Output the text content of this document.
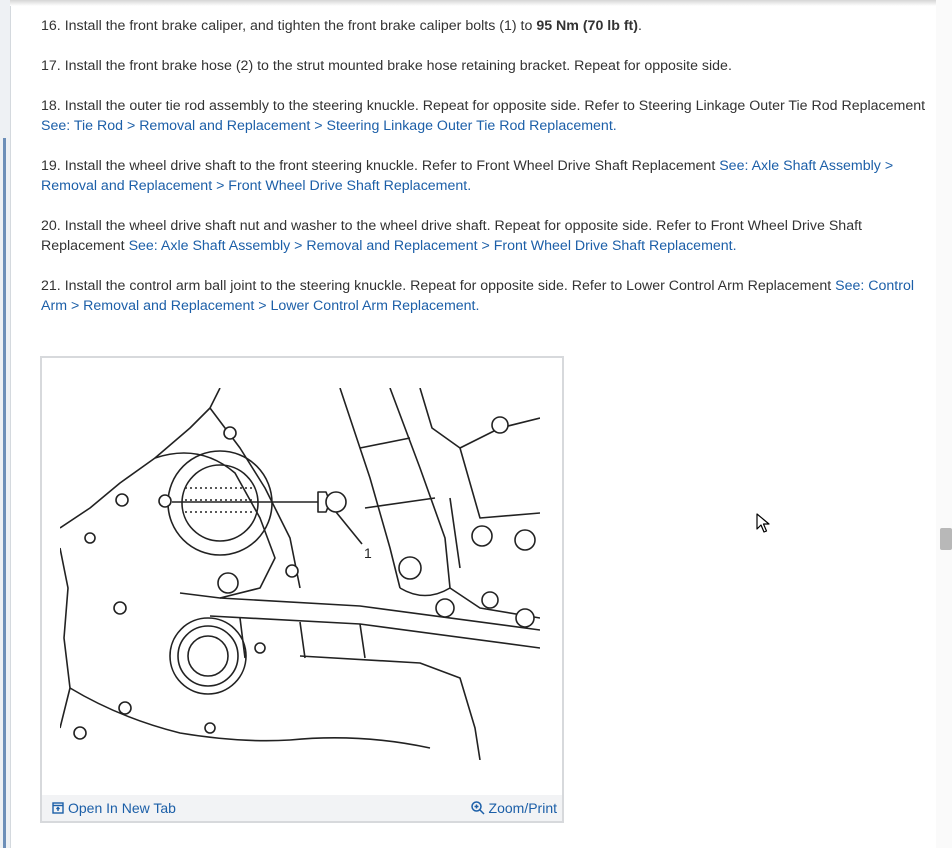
16. Install the front brake caliper, and tighten the front brake caliper bolts (1) to 95 Nm (70 lb ft).
17. Install the front brake hose (2) to the strut mounted brake hose retaining bracket. Repeat for opposite side.
18. Install the outer tie rod assembly to the steering knuckle. Repeat for opposite side. Refer to Steering Linkage Outer Tie Rod Replacement See: Tie Rod > Removal and Replacement > Steering Linkage Outer Tie Rod Replacement.
19. Install the wheel drive shaft to the front steering knuckle. Refer to Front Wheel Drive Shaft Replacement See: Axle Shaft Assembly > Removal and Replacement > Front Wheel Drive Shaft Replacement.
20. Install the wheel drive shaft nut and washer to the wheel drive shaft. Repeat for opposite side. Refer to Front Wheel Drive Shaft Replacement See: Axle Shaft Assembly > Removal and Replacement > Front Wheel Drive Shaft Replacement.
21. Install the control arm ball joint to the steering knuckle. Repeat for opposite side. Refer to Lower Control Arm Replacement See: Control Arm > Removal and Replacement > Lower Control Arm Replacement.
1
Open In New Tab	Zoom/Print
